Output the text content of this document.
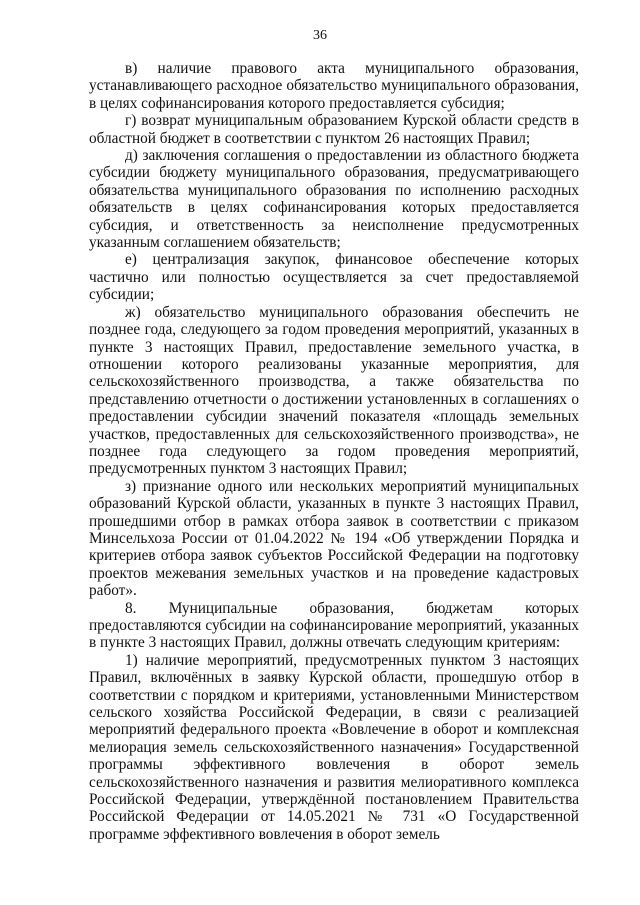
36

в) наличие правового акта муниципального образования, устанавливающего расходное обязательство муниципального образования, в целях софинансирования которого предоставляется субсидия;

г) возврат муниципальным образованием Курской области средств в областной бюджет в соответствии с пунктом 26 настоящих Правил;

д) заключения соглашения о предоставлении из областного бюджета субсидии бюджету муниципального образования, предусматривающего обязательства муниципального образования по исполнению расходных обязательств в целях софинансирования которых предоставляется субсидия, и ответственность за неисполнение предусмотренных указанным соглашением обязательств;

е) централизация закупок, финансовое обеспечение которых частично или полностью осуществляется за счет предоставляемой субсидии;

ж) обязательство муниципального образования обеспечить не позднее года, следующего за годом проведения мероприятий, указанных в пункте 3 настоящих Правил, предоставление земельного участка, в отношении которого реализованы указанные мероприятия, для сельскохозяйственного производства, а также обязательства по представлению отчетности о достижении установленных в соглашениях о предоставлении субсидии значений показателя «площадь земельных участков, предоставленных для сельскохозяйственного производства», не позднее года следующего за годом проведения мероприятий, предусмотренных пунктом 3 настоящих Правил;

з) признание одного или нескольких мероприятий муниципальных образований Курской области, указанных в пункте 3 настоящих Правил, прошедшими отбор в рамках отбора заявок в соответствии с приказом Минсельхоза России от 01.04.2022 № 194 «Об утверждении Порядка и критериев отбора заявок субъектов Российской Федерации на подготовку проектов межевания земельных участков и на проведение кадастровых работ».

8. Муниципальные образования, бюджетам которых предоставляются субсидии на софинансирование мероприятий, указанных в пункте 3 настоящих Правил, должны отвечать следующим критериям:

1) наличие мероприятий, предусмотренных пунктом 3 настоящих Правил, включённых в заявку Курской области, прошедшую отбор в соответствии с порядком и критериями, установленными Министерством сельского хозяйства Российской Федерации, в связи с реализацией мероприятий федерального проекта «Вовлечение в оборот и комплексная мелиорация земель сельскохозяйственного назначения» Государственной программы эффективного вовлечения в оборот земель сельскохозяйственного назначения и развития мелиоративного комплекса Российской Федерации, утверждённой постановлением Правительства Российской Федерации от 14.05.2021 № 731 «О Государственной программе эффективного вовлечения в оборот земель
